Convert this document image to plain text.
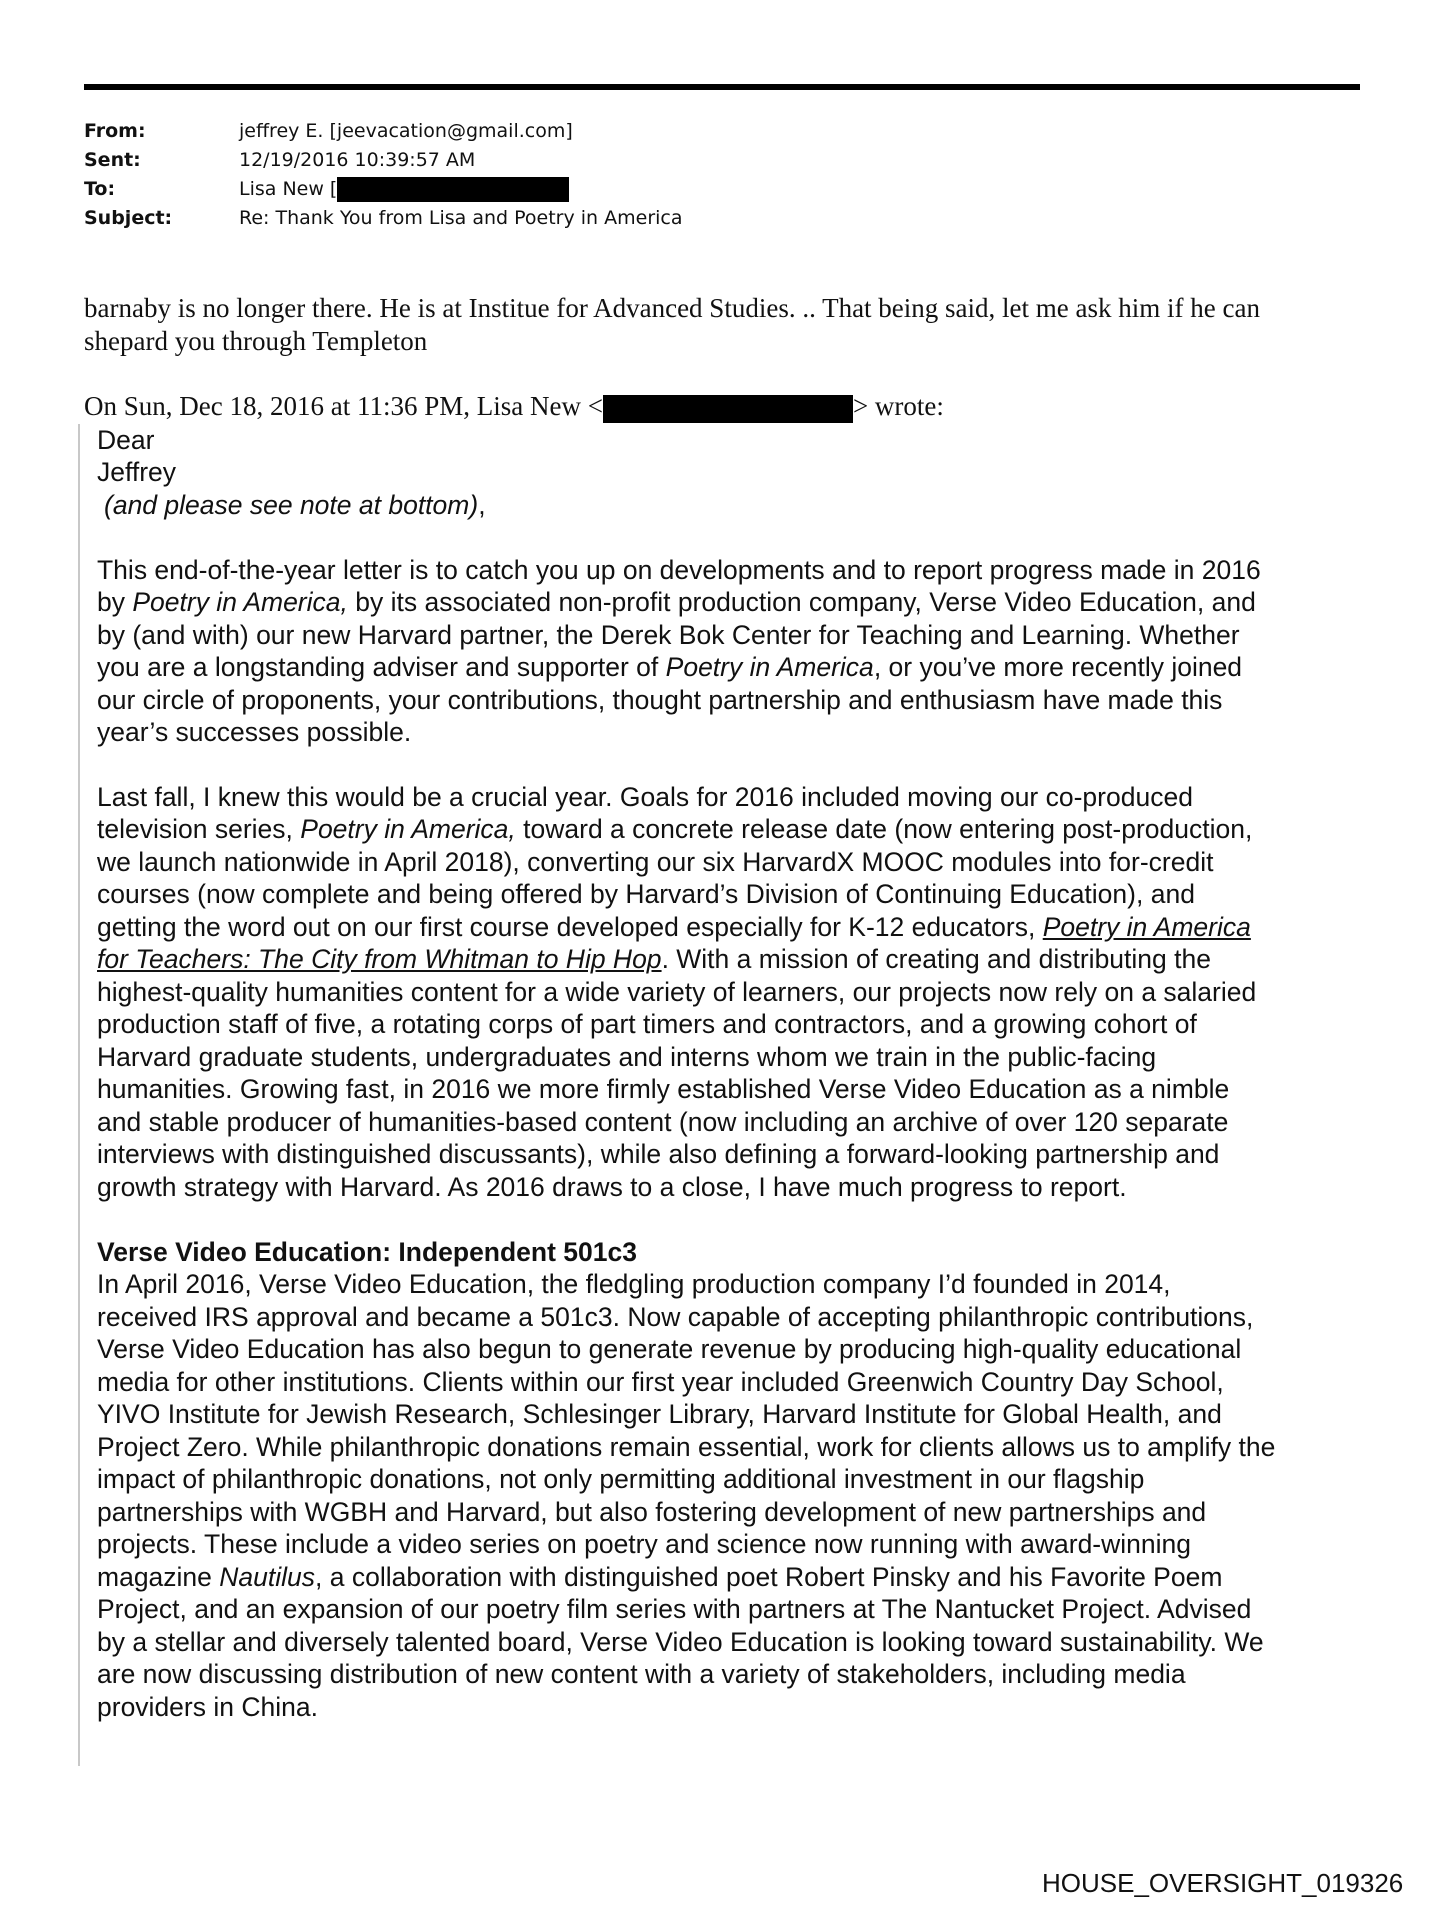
From:	jeffrey E. [jeevacation@gmail.com]
Sent:	12/19/2016 10:39:57 AM
To:	Lisa New [
Subject:	Re: Thank You from Lisa and Poetry in America
barnaby is no longer there. He is at Institue for Advanced Studies. .. That being said, let me ask him if he can
shepard you through Templeton
On Sun, Dec 18, 2016 at 11:36 PM, Lisa New <	> wrote:
Dear
Jeffrey
(and please see note at bottom),
This end-of-the-year letter is to catch you up on developments and to report progress made in 2016
by Poetry in America, by its associated non-profit production company, Verse Video Education, and
by (and with) our new Harvard partner, the Derek Bok Center for Teaching and Learning. Whether
you are a longstanding adviser and supporter of Poetry in America, or you’ve more recently joined
our circle of proponents, your contributions, thought partnership and enthusiasm have made this
year’s successes possible.
Last fall, I knew this would be a crucial year. Goals for 2016 included moving our co-produced
television series, Poetry in America, toward a concrete release date (now entering post-production,
we launch nationwide in April 2018), converting our six HarvardX MOOC modules into for-credit
courses (now complete and being offered by Harvard’s Division of Continuing Education), and
getting the word out on our first course developed especially for K-12 educators, Poetry in America
for Teachers: The City from Whitman to Hip Hop. With a mission of creating and distributing the
highest-quality humanities content for a wide variety of learners, our projects now rely on a salaried
production staff of five, a rotating corps of part timers and contractors, and a growing cohort of
Harvard graduate students, undergraduates and interns whom we train in the public-facing
humanities. Growing fast, in 2016 we more firmly established Verse Video Education as a nimble
and stable producer of humanities-based content (now including an archive of over 120 separate
interviews with distinguished discussants), while also defining a forward-looking partnership and
growth strategy with Harvard. As 2016 draws to a close, I have much progress to report.
Verse Video Education: Independent 501c3
In April 2016, Verse Video Education, the fledgling production company I’d founded in 2014,
received IRS approval and became a 501c3. Now capable of accepting philanthropic contributions,
Verse Video Education has also begun to generate revenue by producing high-quality educational
media for other institutions. Clients within our first year included Greenwich Country Day School,
YIVO Institute for Jewish Research, Schlesinger Library, Harvard Institute for Global Health, and
Project Zero. While philanthropic donations remain essential, work for clients allows us to amplify the
impact of philanthropic donations, not only permitting additional investment in our flagship
partnerships with WGBH and Harvard, but also fostering development of new partnerships and
projects. These include a video series on poetry and science now running with award-winning
magazine Nautilus, a collaboration with distinguished poet Robert Pinsky and his Favorite Poem
Project, and an expansion of our poetry film series with partners at The Nantucket Project. Advised
by a stellar and diversely talented board, Verse Video Education is looking toward sustainability. We
are now discussing distribution of new content with a variety of stakeholders, including media
providers in China.
HOUSE_OVERSIGHT_019326
